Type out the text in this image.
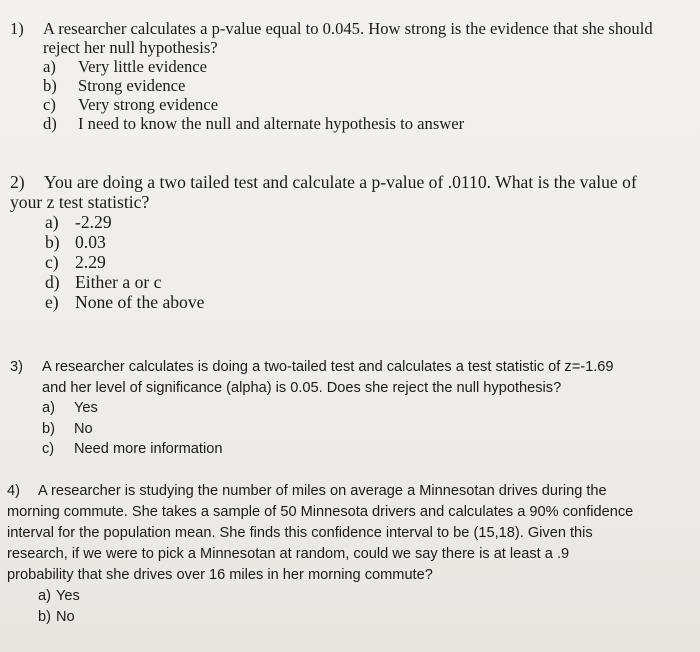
1) A researcher calculates a p-value equal to 0.045. How strong is the evidence that she should
reject her null hypothesis?
a) Very little evidence
b) Strong evidence
c) Very strong evidence
d) I need to know the null and alternate hypothesis to answer
2) You are doing a two tailed test and calculate a p-value of .0110. What is the value of
your z test statistic?
a) -2.29
b) 0.03
c) 2.29
d) Either a or c
e) None of the above
3) A researcher calculates is doing a two-tailed test and calculates a test statistic of z=-1.69
and her level of significance (alpha) is 0.05. Does she reject the null hypothesis?
a) Yes
b) No
c) Need more information
4) A researcher is studying the number of miles on average a Minnesotan drives during the
morning commute. She takes a sample of 50 Minnesota drivers and calculates a 90% confidence
interval for the population mean. She finds this confidence interval to be (15,18). Given this
research, if we were to pick a Minnesotan at random, could we say there is at least a .9
probability that she drives over 16 miles in her morning commute?
a) Yes
b) No
